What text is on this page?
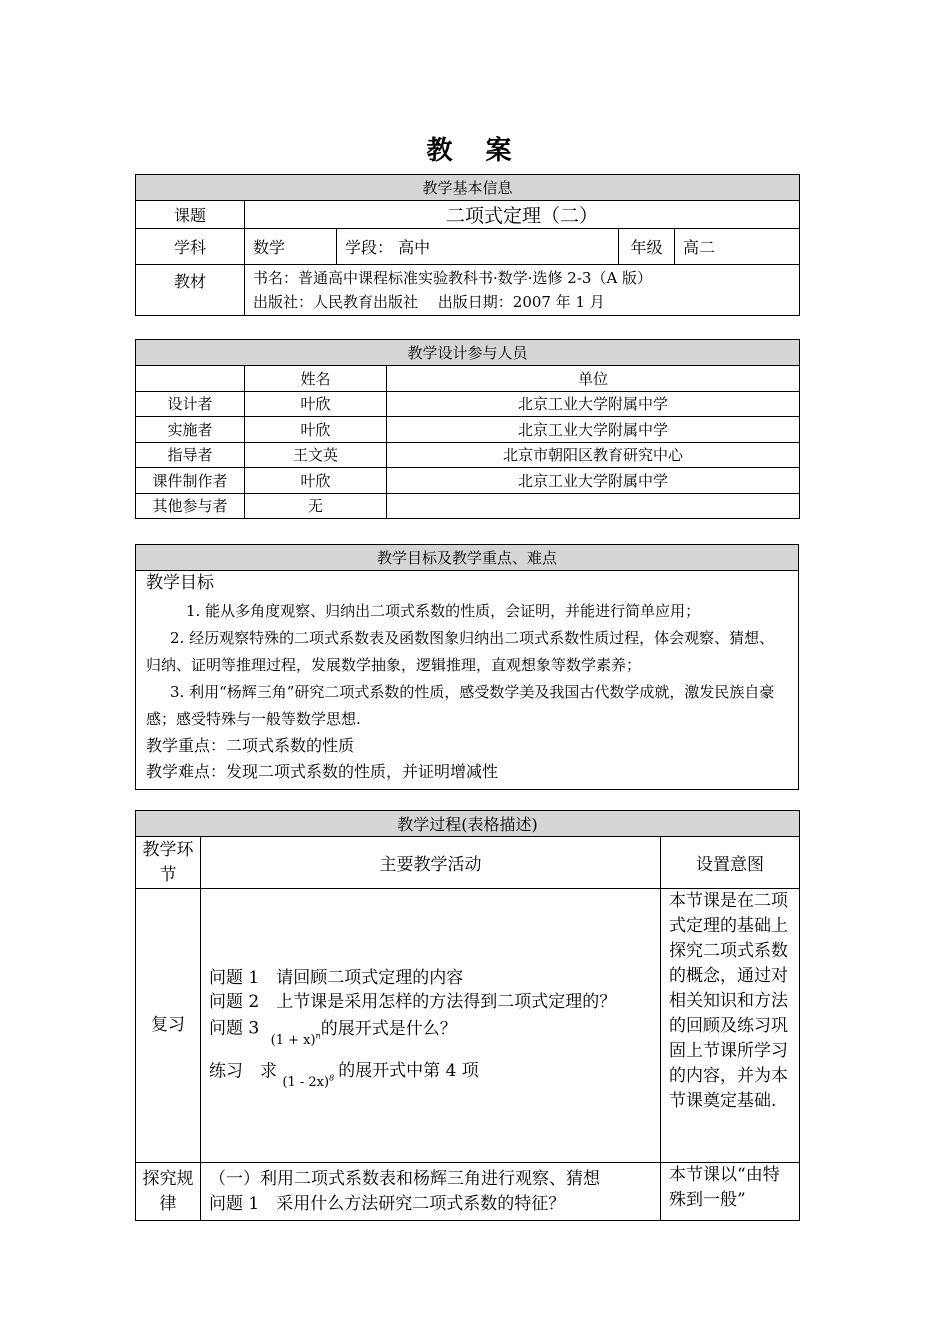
教 案
教学基本信息				
课题	二项式定理（二）			
学科	数学	学段： 高中	年级	高二
教材	书名：普通高中课程标准实验教科书·数学·选修 2-3（A 版）
出版社：人民教育出版社　 出版日期：2007 年 1 月			
教学设计参与人员		
	姓名	单位
设计者	叶欣	北京工业大学附属中学
实施者	叶欣	北京工业大学附属中学
指导者	王文英	北京市朝阳区教育研究中心
课件制作者	叶欣	北京工业大学附属中学
其他参与者	无	
教学目标及教学重点、难点

教学目标
1. 能从多角度观察、归纳出二项式系数的性质，会证明，并能进行简单应用；
2. 经历观察特殊的二项式系数表及函数图象归纳出二项式系数性质过程，体会观察、猜想、归纳、证明等推理过程，发展数学抽象，逻辑推理，直观想象等数学素养；
3. 利用“杨辉三角”研究二项式系数的性质，感受数学美及我国古代数学成就，激发民族自豪感；感受特殊与一般等数学思想.
教学重点：二项式系数的性质
教学难点：发现二项式系数的性质，并证明增减性
教学过程(表格描述)		
教学环节	主要教学活动	设置意图
复习	问题 1　请回顾二项式定理的内容
问题 2　上节课是采用怎样的方法得到二项式定理的？
问题 3 $_{(1 + x)^n}$的展开式是什么？
练习　求 $_{(1 - 2x)^8}$ 的展开式中第 4 项	本节课是在二项式定理的基础上探究二项式系数的概念，通过对相关知识和方法的回顾及练习巩固上节课所学习的内容，并为本节课奠定基础.
探究规律	（一）利用二项式系数表和杨辉三角进行观察、猜想
问题 1　采用什么方法研究二项式系数的特征？	本节课以“由特殊到一般”
